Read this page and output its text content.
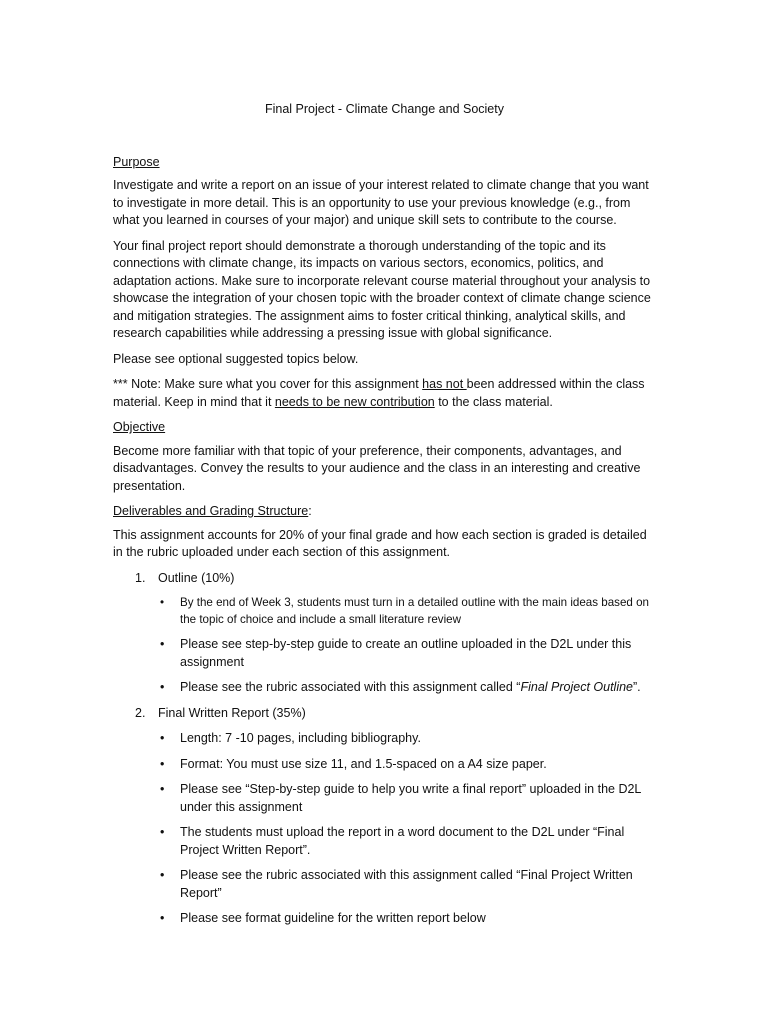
Final Project - Climate Change and Society
Purpose

Investigate and write a report on an issue of your interest related to climate change that you want to investigate in more detail. This is an opportunity to use your previous knowledge (e.g., from what you learned in courses of your major) and unique skill sets to contribute to the course.

Your final project report should demonstrate a thorough understanding of the topic and its connections with climate change, its impacts on various sectors, economics, politics, and adaptation actions. Make sure to incorporate relevant course material throughout your analysis to showcase the integration of your chosen topic with the broader context of climate change science and mitigation strategies. The assignment aims to foster critical thinking, analytical skills, and research capabilities while addressing a pressing issue with global significance.

Please see optional suggested topics below.

*** Note: Make sure what you cover for this assignment has not been addressed within the class material. Keep in mind that it needs to be new contribution to the class material.

Objective

Become more familiar with that topic of your preference, their components, advantages, and disadvantages. Convey the results to your audience and the class in an interesting and creative presentation.

Deliverables and Grading Structure:

This assignment accounts for 20% of your final grade and how each section is graded is detailed in the rubric uploaded under each section of this assignment.

1. Outline (10%)
• By the end of Week 3, students must turn in a detailed outline with the main ideas based on the topic of choice and include a small literature review
• Please see step-by-step guide to create an outline uploaded in the D2L under this assignment
• Please see the rubric associated with this assignment called “Final Project Outline”.
2. Final Written Report (35%)
• Length: 7 -10 pages, including bibliography.
• Format: You must use size 11, and 1.5-spaced on a A4 size paper.
• Please see “Step-by-step guide to help you write a final report” uploaded in the D2L under this assignment
• The students must upload the report in a word document to the D2L under “Final Project Written Report”.
• Please see the rubric associated with this assignment called “Final Project Written Report”
• Please see format guideline for the written report below
